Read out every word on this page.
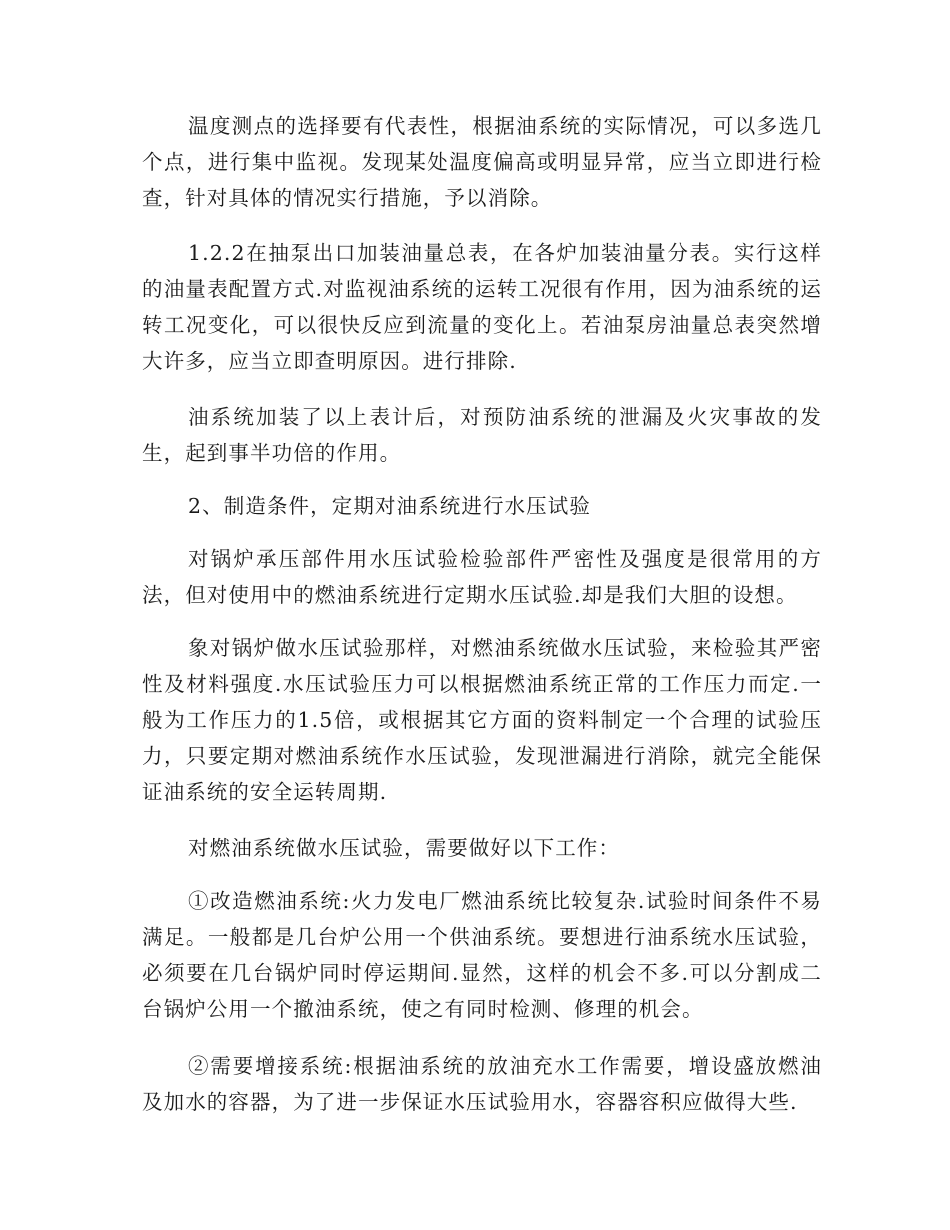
温度测点的选择要有代表性，根据油系统的实际情况，可以多选几个点，进行集中监视。发现某处温度偏高或明显异常，应当立即进行检查，针对具体的情况实行措施，予以消除。

1.2.2在抽泵出口加装油量总表，在各炉加装油量分表。实行这样的油量表配置方式.对监视油系统的运转工况很有作用，因为油系统的运转工况变化，可以很快反应到流量的变化上。若油泵房油量总表突然增大许多，应当立即查明原因。进行排除.

油系统加装了以上表计后，对预防油系统的泄漏及火灾事故的发生，起到事半功倍的作用。

2、制造条件，定期对油系统进行水压试验

对锅炉承压部件用水压试验检验部件严密性及强度是很常用的方法，但对使用中的燃油系统进行定期水压试验.却是我们大胆的设想。

象对锅炉做水压试验那样，对燃油系统做水压试验，来检验其严密性及材料强度.水压试验压力可以根据燃油系统正常的工作压力而定.一般为工作压力的1.5倍，或根据其它方面的资料制定一个合理的试验压力，只要定期对燃油系统作水压试验，发现泄漏进行消除，就完全能保证油系统的安全运转周期.

对燃油系统做水压试验，需要做好以下工作：

①改造燃油系统:火力发电厂燃油系统比较复杂.试验时间条件不易满足。一般都是几台炉公用一个供油系统。要想进行油系统水压试验，必须要在几台锅炉同时停运期间.显然，这样的机会不多.可以分割成二台锅炉公用一个撤油系统，使之有同时检测、修理的机会。

②需要增接系统:根据油系统的放油充水工作需要，增设盛放燃油及加水的容器，为了进一步保证水压试验用水，容器容积应做得大些.
